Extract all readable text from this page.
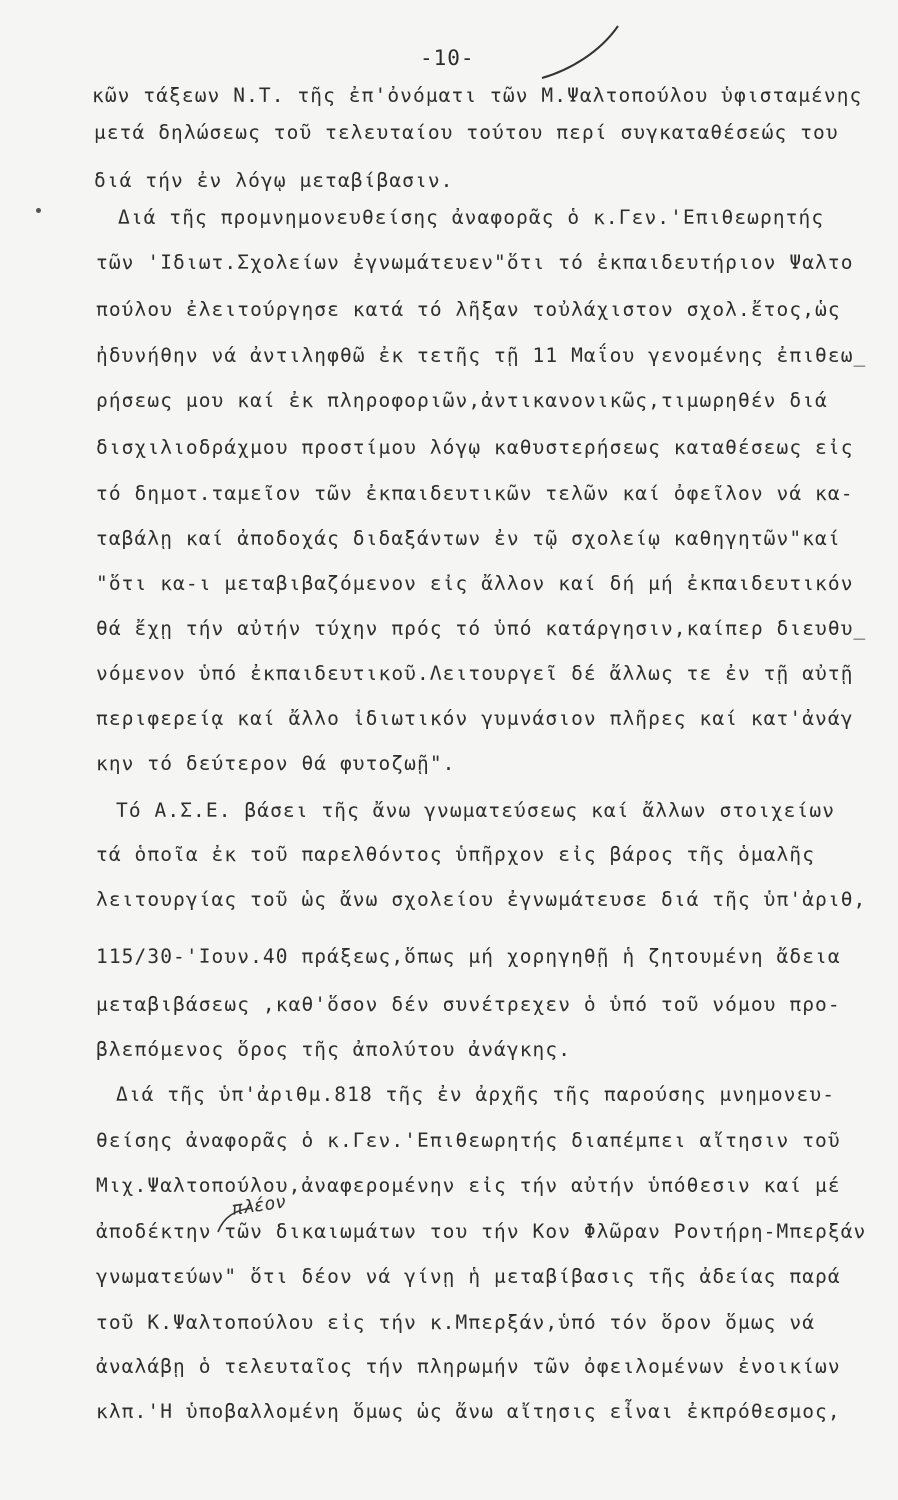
-10-
κῶν τάξεων Ν.Τ. τῆς ἐπ'ὀνόματι τῶν Μ.Ψαλτοπούλου ὑφισταμένης
μετά δηλώσεως τοῦ τελευταίου τούτου περί συγκαταθέσεώς του
διά τήν ἐν λόγῳ μεταβίβασιν.
Διά τῆς προμνημονευθείσης ἀναφορᾶς ὁ κ.Γεν.'Επιθεωρητής
τῶν 'Ιδιωτ.Σχολείων ἐγνωμάτευεν"ὅτι τό ἐκπαιδευτήριον Ψαλτο
πούλου ἐλειτούργησε κατά τό λῆξαν τοὐλάχιστον σχολ.ἔτος,ὡς
ἠδυνήθην νά ἀντιληφθῶ ἐκ τετῆς τῇ 11 Μαΐου γενομένης ἐπιθεω_
ρήσεως μου καί ἐκ πληροφοριῶν,ἀντικανονικῶς,τιμωρηθέν διά
δισχιλιοδράχμου προστίμου λόγῳ καθυστερήσεως καταθέσεως εἰς
τό δημοτ.ταμεῖον τῶν ἐκπαιδευτικῶν τελῶν καί ὀφεῖλον νά κα-
ταβάλῃ καί ἀποδοχάς διδαξάντων ἐν τῷ σχολείῳ καθηγητῶν"καί
"ὅτι κα-ι μεταβιβαζόμενον εἰς ἄλλον καί δή μή ἐκπαιδευτικόν
θά ἔχῃ τήν αὐτήν τύχην πρός τό ὑπό κατάργησιν,καίπερ διευθυ_
νόμενον ὑπό ἐκπαιδευτικοῦ.Λειτουργεῖ δέ ἄλλως τε ἐν τῇ αὐτῇ
περιφερείᾳ καί ἄλλο ἰδιωτικόν γυμνάσιον πλῆρες καί κατ'ἀνάγ
κην τό δεύτερον θά φυτοζωῇ".
Τό Α.Σ.Ε. βάσει τῆς ἄνω γνωματεύσεως καί ἄλλων στοιχείων
τά ὁποῖα ἐκ τοῦ παρελθόντος ὑπῆρχον εἰς βάρος τῆς ὁμαλῆς
λειτουργίας τοῦ ὡς ἄνω σχολείου ἐγνωμάτευσε διά τῆς ὑπ'ἀριθ,
115/30-'Ιουν.40 πράξεως,ὅπως μή χορηγηθῇ ἡ ζητουμένη ἄδεια
μεταβιβάσεως ,καθ'ὅσον δέν συνέτρεχεν ὁ ὑπό τοῦ νόμου προ-
βλεπόμενος ὅρος τῆς ἀπολύτου ἀνάγκης.
Διά τῆς ὑπ'ἀριθμ.818 τῆς ἐν ἀρχῆς τῆς παρούσης μνημονευ-
θείσης ἀναφορᾶς ὁ κ.Γεν.'Επιθεωρητής διαπέμπει αἴτησιν τοῦ
Μιχ.Ψαλτοπούλου,ἀναφερομένην εἰς τήν αὐτήν ὑπόθεσιν καί μέ
πλέον
ἀποδέκτην τῶν δικαιωμάτων του τήν Κον Φλῶραν Ροντήρη-Μπερξάν
γνωματεύων" ὅτι δέον νά γίνῃ ἡ μεταβίβασις τῆς ἀδείας παρά
τοῦ Κ.Ψαλτοπούλου εἰς τήν κ.Μπερξάν,ὑπό τόν ὅρον ὅμως νά
ἀναλάβῃ ὁ τελευταῖος τήν πληρωμήν τῶν ὀφειλομένων ἐνοικίων
κλπ.'Η ὑποβαλλομένη ὅμως ὡς ἄνω αἴτησις εἶναι ἐκπρόθεσμος,
